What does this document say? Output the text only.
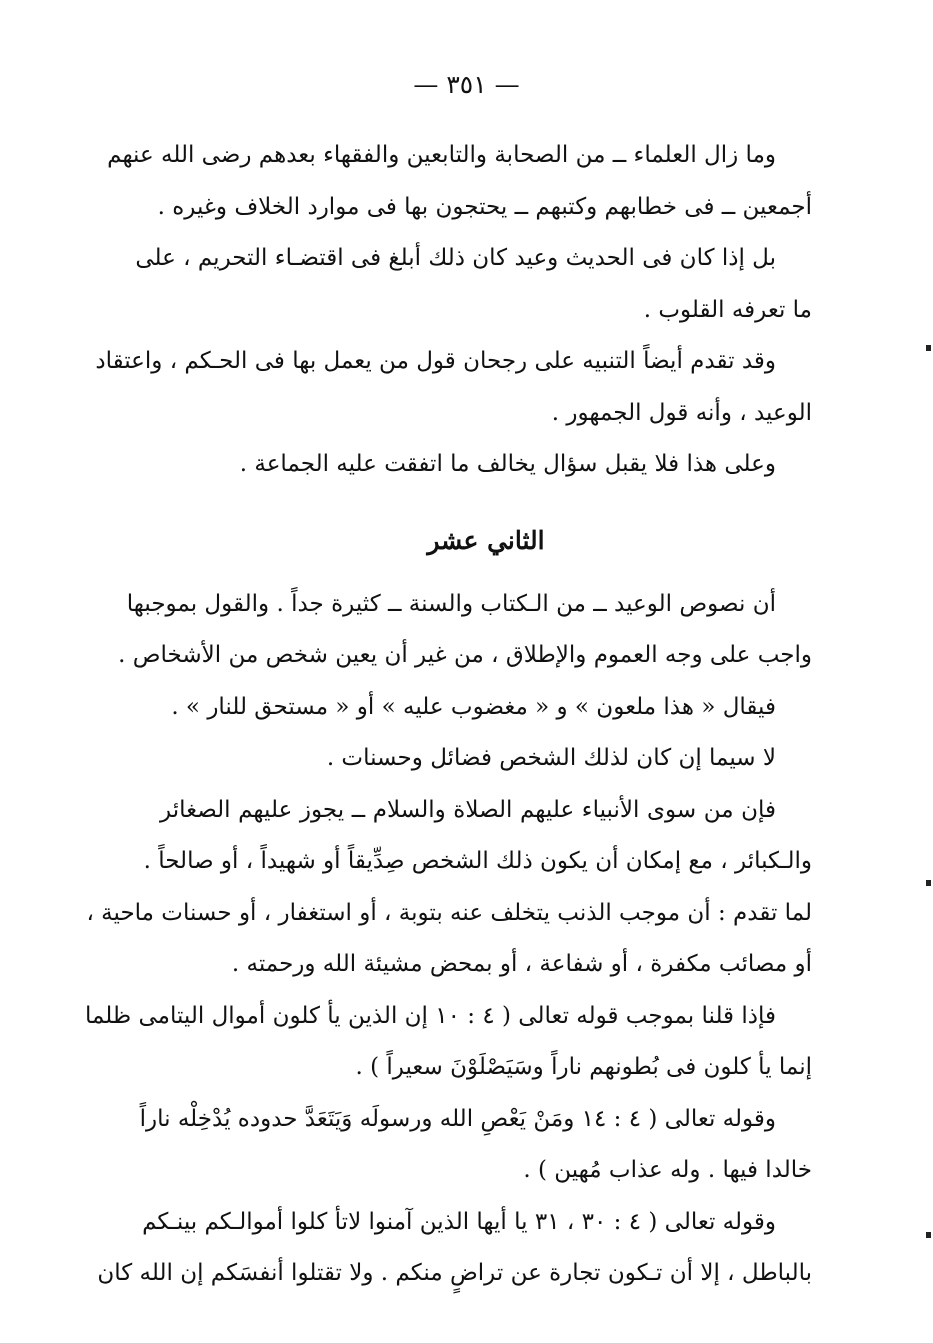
— ٣٥١ —
وما زال العلماء ــ من الصحابة والتابعين والفقهاء بعدهم رضى الله عنهم
أجمعين ــ فى خطابهم وكتبهم ــ يحتجون بها فى موارد الخلاف وغيره .
بل إذا كان فى الحديث وعيد كان ذلك أبلغ فى اقتضـاء التحريم ، على
ما تعرفه القلوب .
وقد تقدم أيضاً التنبيه على رجحان قول من يعمل بها فى الحـكم ، واعتقاد
الوعيد ، وأنه قول الجمهور .
وعلى هذا فلا يقبل سؤال يخالف ما اتفقت عليه الجماعة .
الثاني عشر
أن نصوص الوعيد ــ من الـكتاب والسنة ــ كثيرة جداً . والقول بموجبها
واجب على وجه العموم والإطلاق ، من غير أن يعين شخص من الأشخاص .
فيقال « هذا ملعون » و « مغضوب عليه » أو « مستحق للنار » .
لا سيما إن كان لذلك الشخص فضائل وحسنات .
فإن من سوى الأنبياء عليهم الصلاة والسلام ــ يجوز عليهم الصغائر
والـكبائر ، مع إمكان أن يكون ذلك الشخص صِدِّيقاً أو شهيداً ، أو صالحاً .
لما تقدم : أن موجب الذنب يتخلف عنه بتوبة ، أو استغفار ، أو حسنات ماحية ،
أو مصائب مكفرة ، أو شفاعة ، أو بمحض مشيئة الله ورحمته .
فإذا قلنا بموجب قوله تعالى ( ٤ : ١٠ إن الذين يأ كلون أموال اليتامى ظلما
إنما يأ كلون فى بُطونهم ناراً وسَيَصْلَوْنَ سعيراً ) .
وقوله تعالى ( ٤ : ١٤ ومَنْ يَعْصِ الله ورسولَه وَيَتَعَدَّ حدوده يُدْخِلْه ناراً
خالدا فيها . وله عذاب مُهين ) .
وقوله تعالى ( ٤ : ٣٠ ، ٣١ يا أيها الذين آمنوا لاتأ كلوا أموالـكم بينـكم
بالباطل ، إلا أن تـكون تجارة عن تراضٍ منكم . ولا تقتلوا أنفسَكم إن الله كان
